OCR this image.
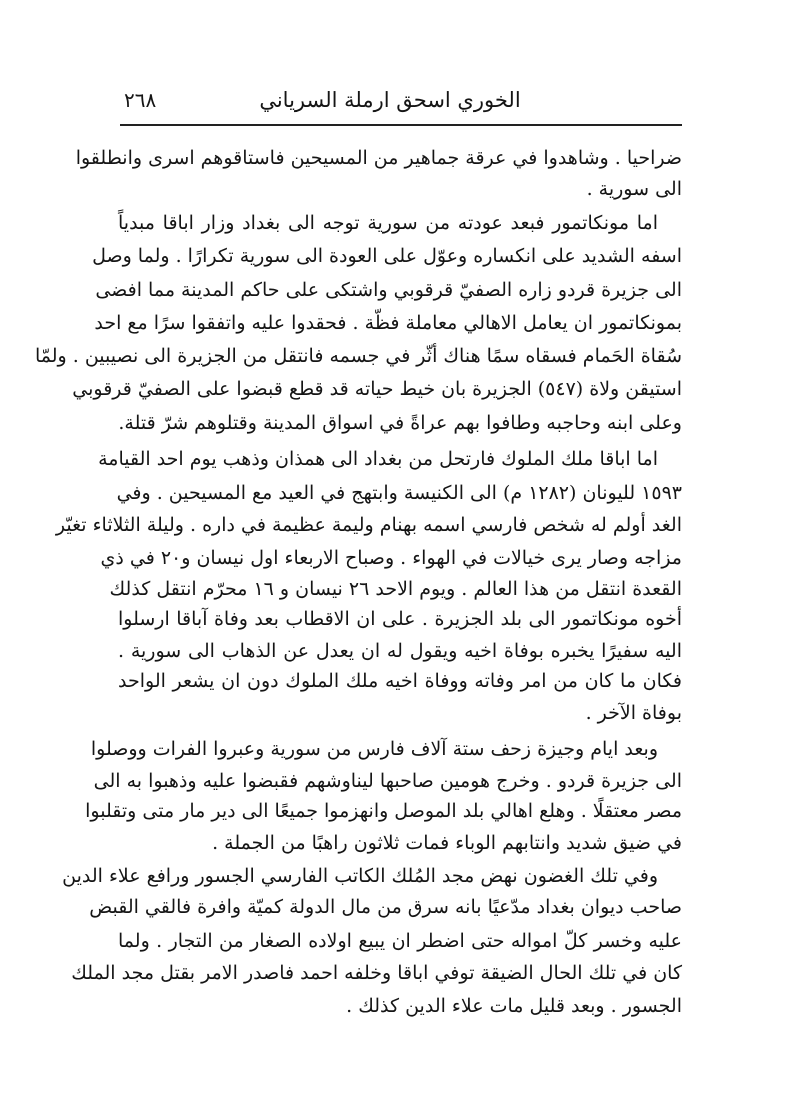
الخوري اسحق ارملة السرياني
٢٦٨
ضراحيا . وشاهدوا في عرقة جماهير من المسيحين فاستاقوهم اسرى وانطلقوا
الى سورية .
اما مونكاتمور فبعد عودته من سورية توجه الى بغداد وزار اباقا مبدياً
اسفه الشديد على انكساره وعوّل على العودة الى سورية تكرارًا . ولما وصل
الى جزيرة قردو زاره الصفيّ قرقوبي واشتكى على حاكم المدينة مما افضى
بمونكاتمور ان يعامل الاهالي معاملة فظّة . فحقدوا عليه واتفقوا سرًا مع احد
سُقاة الحَمام فسقاه سمًا هناك أثّر في جسمه فانتقل من الجزيرة الى نصيبين . ولمّا
استيقن ولاة (٥٤٧) الجزيرة بان خيط حياته قد قطع قبضوا على الصفيّ قرقوبي
وعلى ابنه وحاجبه وطافوا بهم عراةً في اسواق المدينة وقتلوهم شرّ قتلة.
اما اباقا ملك الملوك فارتحل من بغداد الى همذان وذهب يوم احد القيامة
١٥٩٣ لليونان (١٢٨٢ م) الى الكنيسة وابتهج في العيد مع المسيحين . وفي
الغد أولم له شخص فارسي اسمه بهنام وليمة عظيمة في داره . وليلة الثلاثاء تغيّر
مزاجه وصار يرى خيالات في الهواء . وصباح الاربعاء اول نيسان و٢٠ في ذي
القعدة انتقل من هذا العالم . ويوم الاحد ٢٦ نيسان و ١٦ محرّم انتقل كذلك
أخوه مونكاتمور الى بلد الجزيرة . على ان الاقطاب بعد وفاة آباقا ارسلوا
اليه سفيرًا يخبره بوفاة اخيه ويقول له ان يعدل عن الذهاب الى سورية .
فكان ما كان من امر وفاته ووفاة اخيه ملك الملوك دون ان يشعر الواحد
بوفاة الآخر .
وبعد ايام وجيزة زحف ستة آلاف فارس من سورية وعبروا الفرات ووصلوا
الى جزيرة قردو . وخرج هومين صاحبها ليناوشهم فقبضوا عليه وذهبوا به الى
مصر معتقلًا . وهلع اهالي بلد الموصل وانهزموا جميعًا الى دير مار متى وتقلبوا
في ضيق شديد وانتابهم الوباء فمات ثلاثون راهبًا من الجملة .
وفي تلك الغضون نهض مجد المُلك الكاتب الفارسي الجسور ورافع علاء الدين
صاحب ديوان بغداد مدّعيًا بانه سرق من مال الدولة كميّة وافرة فالقي القبض
عليه وخسر كلّ امواله حتى اضطر ان يبيع اولاده الصغار من التجار . ولما
كان في تلك الحال الضيقة توفي اباقا وخلفه احمد فاصدر الامر بقتل مجد الملك
الجسور . وبعد قليل مات علاء الدين كذلك .
